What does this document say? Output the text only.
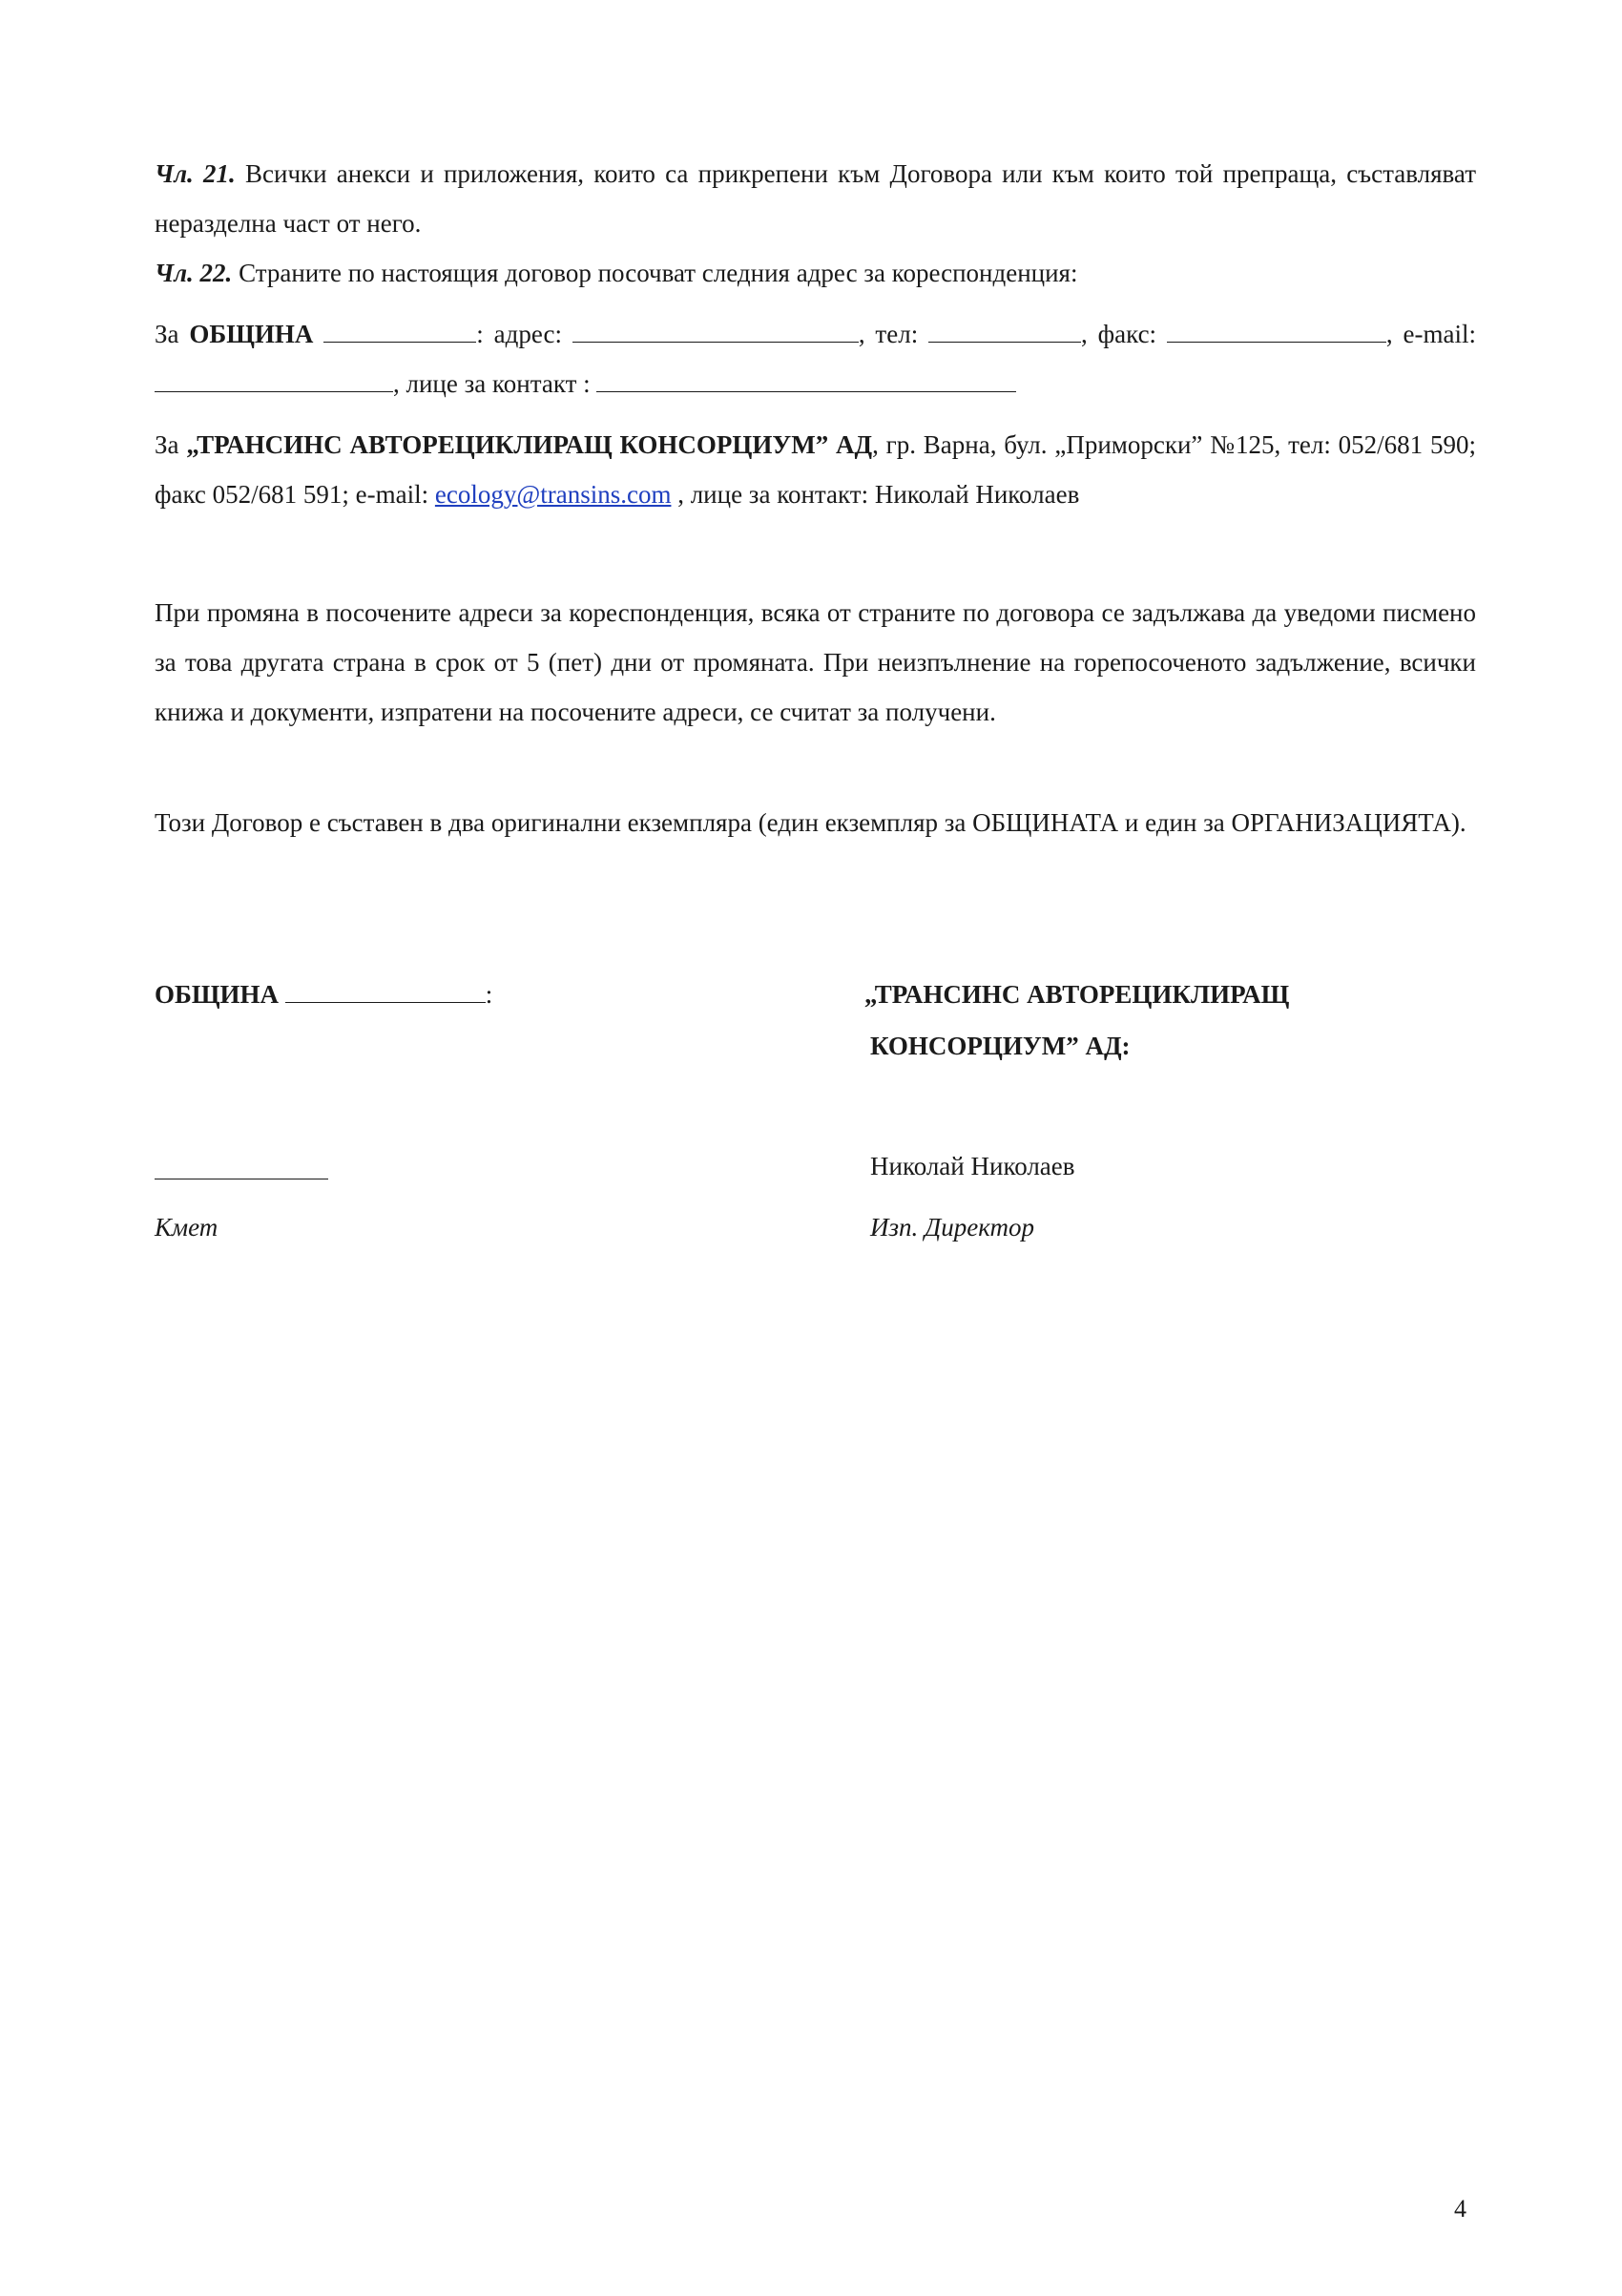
Чл. 21. Всички анекси и приложения, които са прикрепени към Договора или към които той препраща, съставляват неразделна част от него.
Чл. 22. Страните по настоящия договор посочват следния адрес за кореспонденция:
За ОБЩИНА	: адрес:	, тел:	, факс:	, e-mail: , лице за контакт :
За „ТРАНСИНС АВТОРЕЦИКЛИРАЩ КОНСОРЦИУМ” АД, гр. Варна, бул. „Приморски” №125, тел: 052/681 590; факс 052/681 591; e-mail: ecology@transins.com , лице за контакт: Николай Николаев
При промяна в посочените адреси за кореспонденция, всяка от страните по договора се задължава да уведоми писмено за това другата страна в срок от 5 (пет) дни от промяната. При неизпълнение на горепосоченото задължение, всички книжа и документи, изпратени на посочените адреси, се считат за получени.
Този Договор е съставен в два оригинални екземпляра (един екземпляр за ОБЩИНАТА и един за ОРГАНИЗАЦИЯТА).
ОБЩИНА	:
Кмет
„ТРАНСИНС АВТОРЕЦИКЛИРАЩ
КОНСОРЦИУМ” АД:
Николай Николаев
Изп. Директор
4
